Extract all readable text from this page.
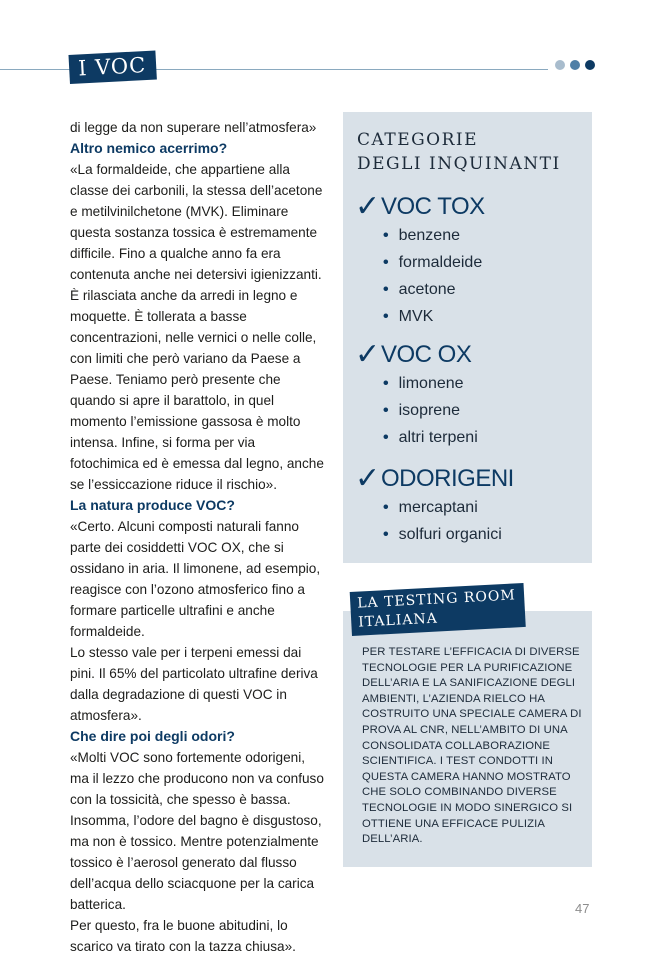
I VOC

di legge da non superare nell’atmosfera»

Altro nemico acerrimo?

«La formaldeide, che appartiene alla classe dei carbonili, la stessa dell’acetone e metilvinilchetone (MVK). Eliminare questa sostanza tossica è estremamente difficile. Fino a qualche anno fa era contenuta anche nei detersivi igienizzanti. È rilasciata anche da arredi in legno e moquette. È tollerata a basse concentrazioni, nelle vernici o nelle colle, con limiti che però variano da Paese a Paese. Teniamo però presente che quando si apre il barattolo, in quel momento l’emissione gassosa è molto intensa. Infine, si forma per via fotochimica ed è emessa dal legno, anche se l’essiccazione riduce il rischio».

La natura produce VOC?

«Certo. Alcuni composti naturali fanno parte dei cosiddetti VOC OX, che si ossidano in aria. Il limonene, ad esempio, reagisce con l’ozono atmosferico fino a formare particelle ultrafini e anche formaldeide.

Lo stesso vale per i terpeni emessi dai pini. Il 65% del particolato ultrafine deriva dalla degradazione di questi VOC in atmosfera».

Che dire poi degli odori?

«Molti VOC sono fortemente odorigeni, ma il lezzo che producono non va confuso con la tossicità, che spesso è bassa. Insomma, l’odore del bagno è disgustoso, ma non è tossico. Mentre potenzialmente tossico è l’aerosol generato dal flusso dell’acqua dello sciacquone per la carica batterica.

Per questo, fra le buone abitudini, lo scarico va tirato con la tazza chiusa».

CATEGORIE
DEGLI INQUINANTI
✓ VOC TOX
• benzene
• formaldeide
• acetone
• MVK
✓ VOC OX
• limonene
• isoprene
• altri terpeni
✓ ODORIGENI
• mercaptani
• solfuri organici
LA TESTING ROOM
ITALIANA
PER TESTARE L’EFFICACIA DI DIVERSE TECNOLOGIE PER LA PURIFICAZIONE DELL’ARIA E LA SANIFICAZIONE DEGLI AMBIENTI, L’AZIENDA RIELCO HA COSTRUITO UNA SPECIALE CAMERA DI PROVA AL CNR, NELL’AMBITO DI UNA CONSOLIDATA COLLABORAZIONE SCIENTIFICA. I TEST CONDOTTI IN QUESTA CAMERA HANNO MOSTRATO CHE SOLO COMBINANDO DIVERSE TECNOLOGIE IN MODO SINERGICO SI OTTIENE UNA EFFICACE PULIZIA DELL’ARIA.
47
